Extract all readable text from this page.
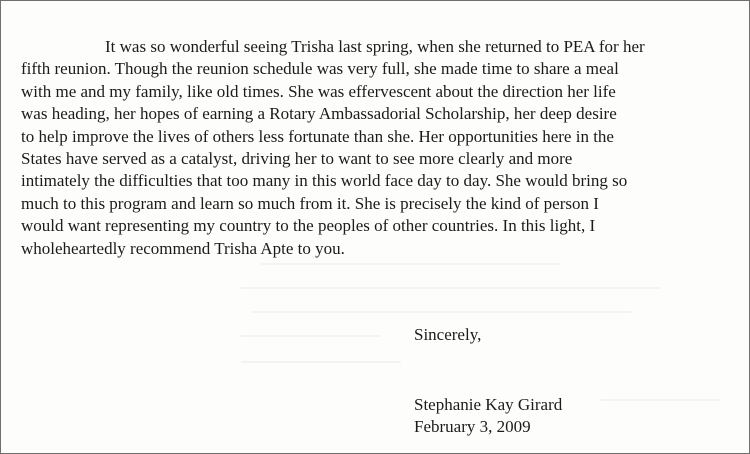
It was so wonderful seeing Trisha last spring, when she returned to PEA for her
fifth reunion. Though the reunion schedule was very full, she made time to share a meal
with me and my family, like old times. She was effervescent about the direction her life
was heading, her hopes of earning a Rotary Ambassadorial Scholarship, her deep desire
to help improve the lives of others less fortunate than she. Her opportunities here in the
States have served as a catalyst, driving her to want to see more clearly and more
intimately the difficulties that too many in this world face day to day. She would bring so
much to this program and learn so much from it. She is precisely the kind of person I
would want representing my country to the peoples of other countries. In this light, I
wholeheartedly recommend Trisha Apte to you.
Sincerely,
Stephanie Kay Girard
February 3, 2009
